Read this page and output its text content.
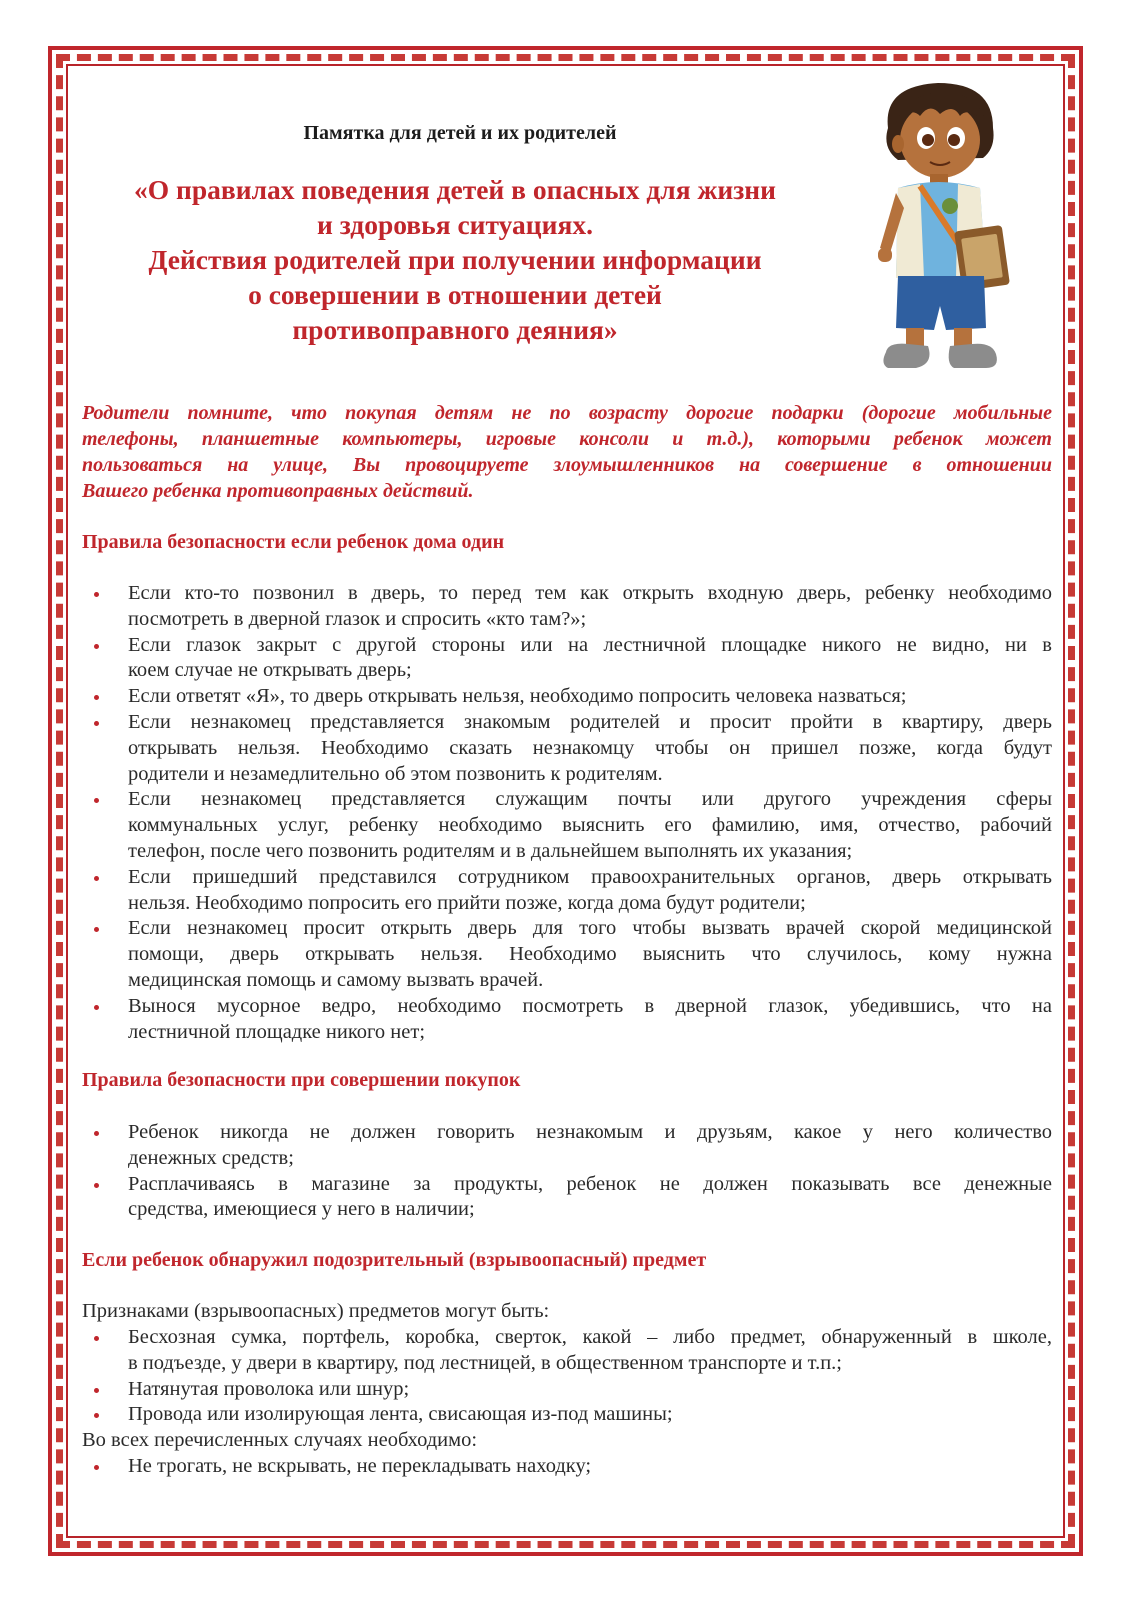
Памятка для детей и их родителей
«О правилах поведения детей в опасных для жизни
и здоровья ситуациях.
Действия родителей при получении информации
о совершении в отношении детей
противоправного деяния»
Родители помните, что покупая детям не по возрасту дорогие подарки (дорогие мобильные
телефоны, планшетные компьютеры, игровые консоли и т.д.), которыми ребенок может
пользоваться на улице, Вы провоцируете злоумышленников на совершение в отношении
Вашего ребенка противоправных действий.
Правила безопасности если ребенок дома один
Если кто-то позвонил в дверь, то перед тем как открыть входную дверь, ребенку необходимо
посмотреть в дверной глазок и спросить «кто там?»;
Если глазок закрыт с другой стороны или на лестничной площадке никого не видно, ни в
коем случае не открывать дверь;
Если ответят «Я», то дверь открывать нельзя, необходимо попросить человека назваться;
Если незнакомец представляется знакомым родителей и просит пройти в квартиру, дверь
открывать нельзя. Необходимо сказать незнакомцу чтобы он пришел позже, когда будут
родители и незамедлительно об этом позвонить к родителям.
Если незнакомец представляется служащим почты или другого учреждения сферы
коммунальных услуг, ребенку необходимо выяснить его фамилию, имя, отчество, рабочий
телефон, после чего позвонить родителям и в дальнейшем выполнять их указания;
Если пришедший представился сотрудником правоохранительных органов, дверь открывать
нельзя. Необходимо попросить его прийти позже, когда дома будут родители;
Если незнакомец просит открыть дверь для того чтобы вызвать врачей скорой медицинской
помощи, дверь открывать нельзя. Необходимо выяснить что случилось, кому нужна
медицинская помощь и самому вызвать врачей.
Вынося мусорное ведро, необходимо посмотреть в дверной глазок, убедившись, что на
лестничной площадке никого нет;
Правила безопасности при совершении покупок
Ребенок никогда не должен говорить незнакомым и друзьям, какое у него количество
денежных средств;
Расплачиваясь в магазине за продукты, ребенок не должен показывать все денежные
средства, имеющиеся у него в наличии;
Если ребенок обнаружил подозрительный (взрывоопасный) предмет
Признаками (взрывоопасных) предметов могут быть:
Бесхозная сумка, портфель, коробка, сверток, какой – либо предмет, обнаруженный в школе,
в подъезде, у двери в квартиру, под лестницей, в общественном транспорте и т.п.;
Натянутая проволока или шнур;
Провода или изолирующая лента, свисающая из-под машины;
Во всех перечисленных случаях необходимо:
Не трогать, не вскрывать, не перекладывать находку;
